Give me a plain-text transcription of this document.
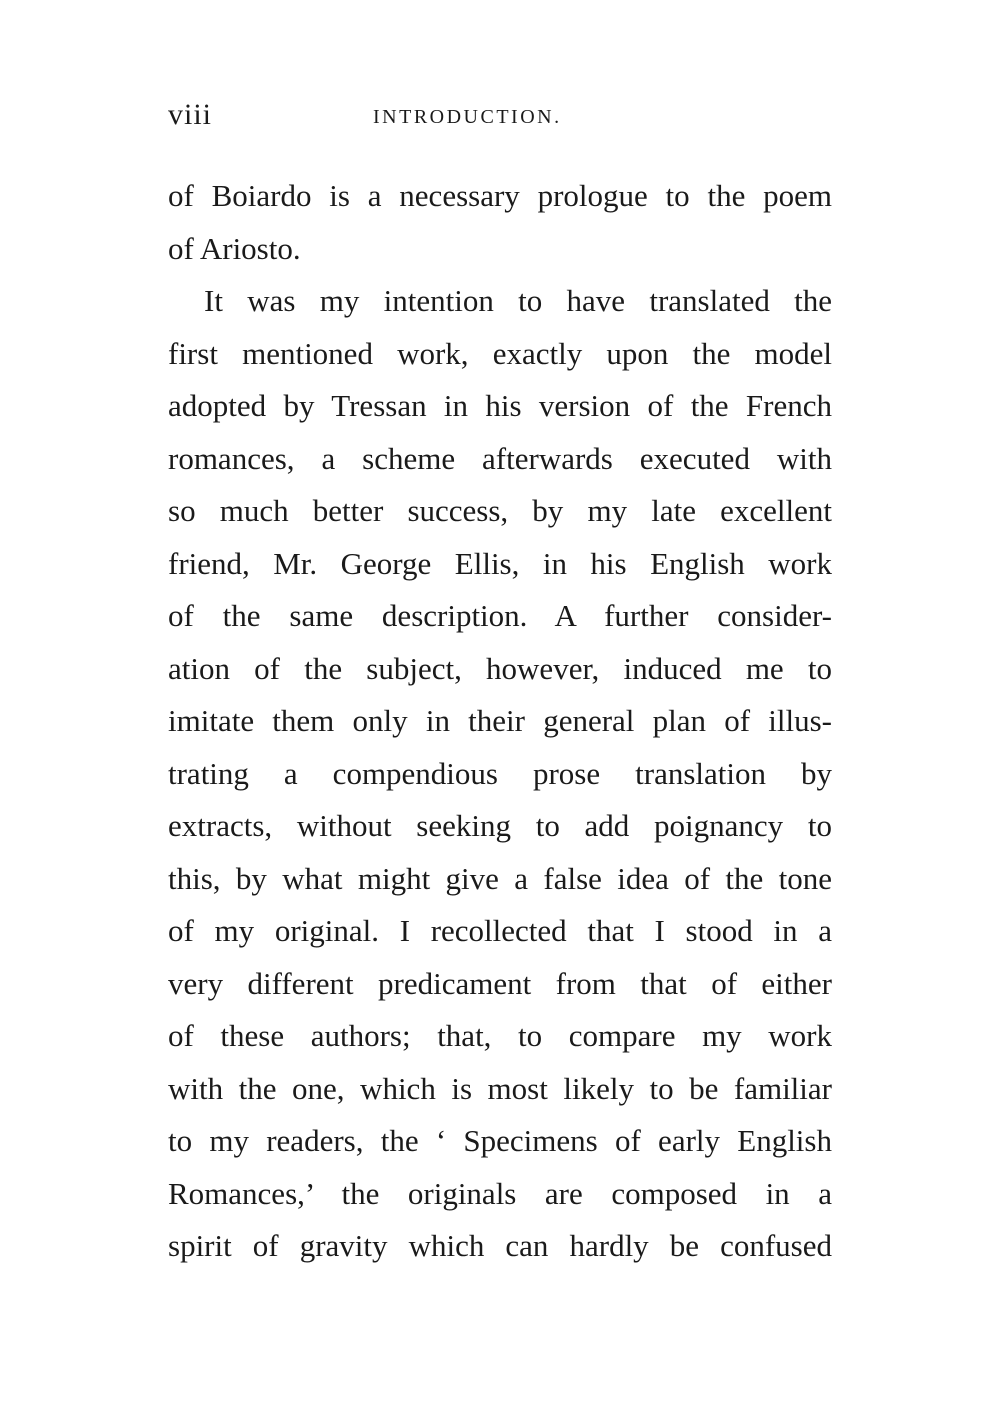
viii	INTRODUCTION.
of Boiardo is a necessary prologue to the poem
of Ariosto.
It was my intention to have translated the
first mentioned work, exactly upon the model
adopted by Tressan in his version of the French
romances, a scheme afterwards executed with
so much better success, by my late excellent
friend, Mr. George Ellis, in his English work
of the same description. A further consider-
ation of the subject, however, induced me to
imitate them only in their general plan of illus-
trating a compendious prose translation by
extracts, without seeking to add poignancy to
this, by what might give a false idea of the tone
of my original. I recollected that I stood in a
very different predicament from that of either
of these authors; that, to compare my work
with the one, which is most likely to be familiar
to my readers, the ‘ Specimens of early English
Romances,’ the originals are composed in a
spirit of gravity which can hardly be confused
